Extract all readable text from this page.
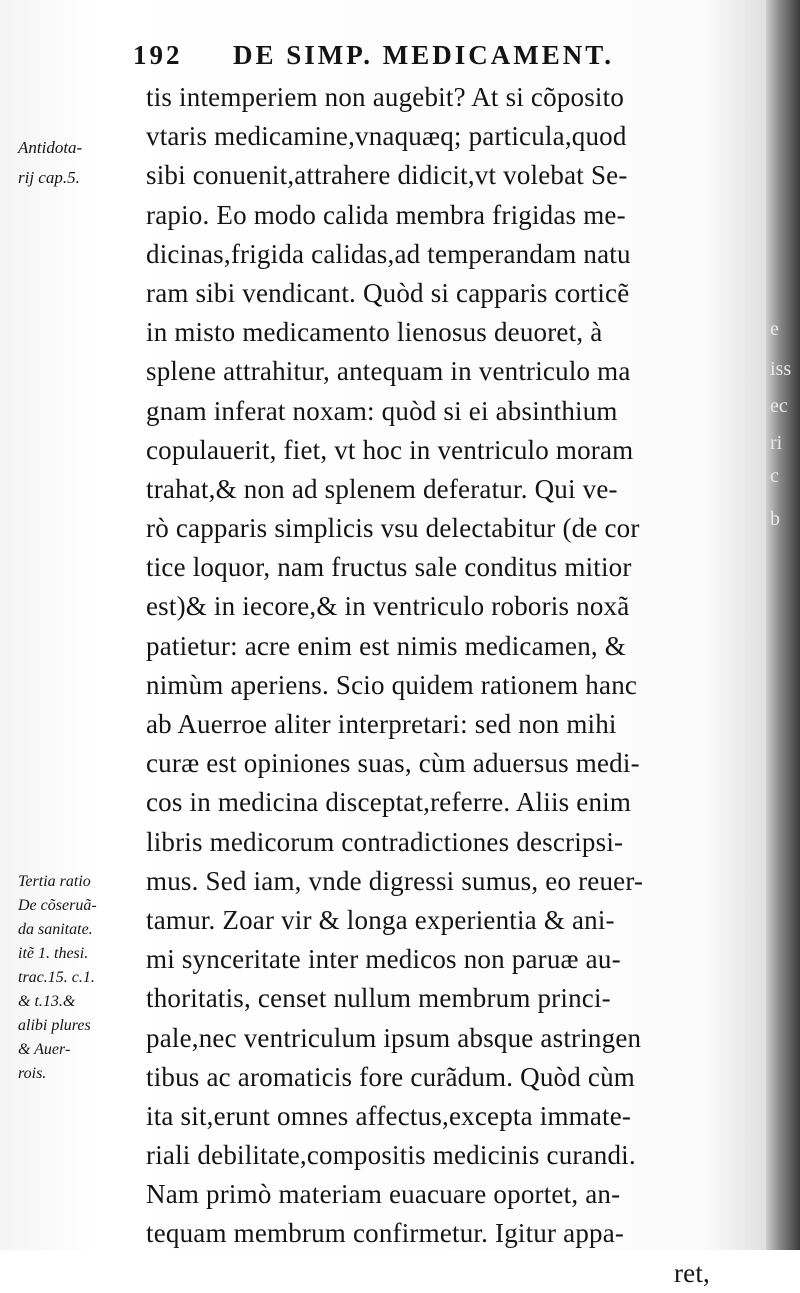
e
iss
ec
ri
c
b
192 DE SIMP. MEDICAMENT.
Antidota-
rij cap.5.
Tertia ratio
De cõseruã-
da sanitate.
itẽ 1. thesi.
trac.15. c.1.
& t.13.&
alibi plures
& Auer-
rois.
tis intemperiem non augebit? At si cõposito
vtaris medicamine,vnaquæq; particula,quod
sibi conuenit,attrahere didicit,vt volebat Se-
rapio. Eo modo calida membra frigidas me-
dicinas,frigida calidas,ad temperandam natu
ram sibi vendicant. Quòd si capparis corticẽ
in misto medicamento lienosus deuoret, à
splene attrahitur, antequam in ventriculo ma
gnam inferat noxam: quòd si ei absinthium
copulauerit, fiet, vt hoc in ventriculo moram
trahat,& non ad splenem deferatur. Qui ve-
rò capparis simplicis vsu delectabitur (de cor
tice loquor, nam fructus sale conditus mitior
est)& in iecore,& in ventriculo roboris noxã
patietur: acre enim est nimis medicamen, &
nimùm aperiens. Scio quidem rationem hanc
ab Auerroe aliter interpretari: sed non mihi
curæ est opiniones suas, cùm aduersus medi-
cos in medicina disceptat,referre. Aliis enim
libris medicorum contradictiones descripsi-
mus. Sed iam, vnde digressi sumus, eo reuer-
tamur. Zoar vir & longa experientia & ani-
mi synceritate inter medicos non paruæ au-
thoritatis, censet nullum membrum princi-
pale,nec ventriculum ipsum absque astringen
tibus ac aromaticis fore curãdum. Quòd cùm
ita sit,erunt omnes affectus,excepta immate-
riali debilitate,compositis medicinis curandi.
Nam primò materiam euacuare oportet, an-
tequam membrum confirmetur. Igitur appa-
ret,
